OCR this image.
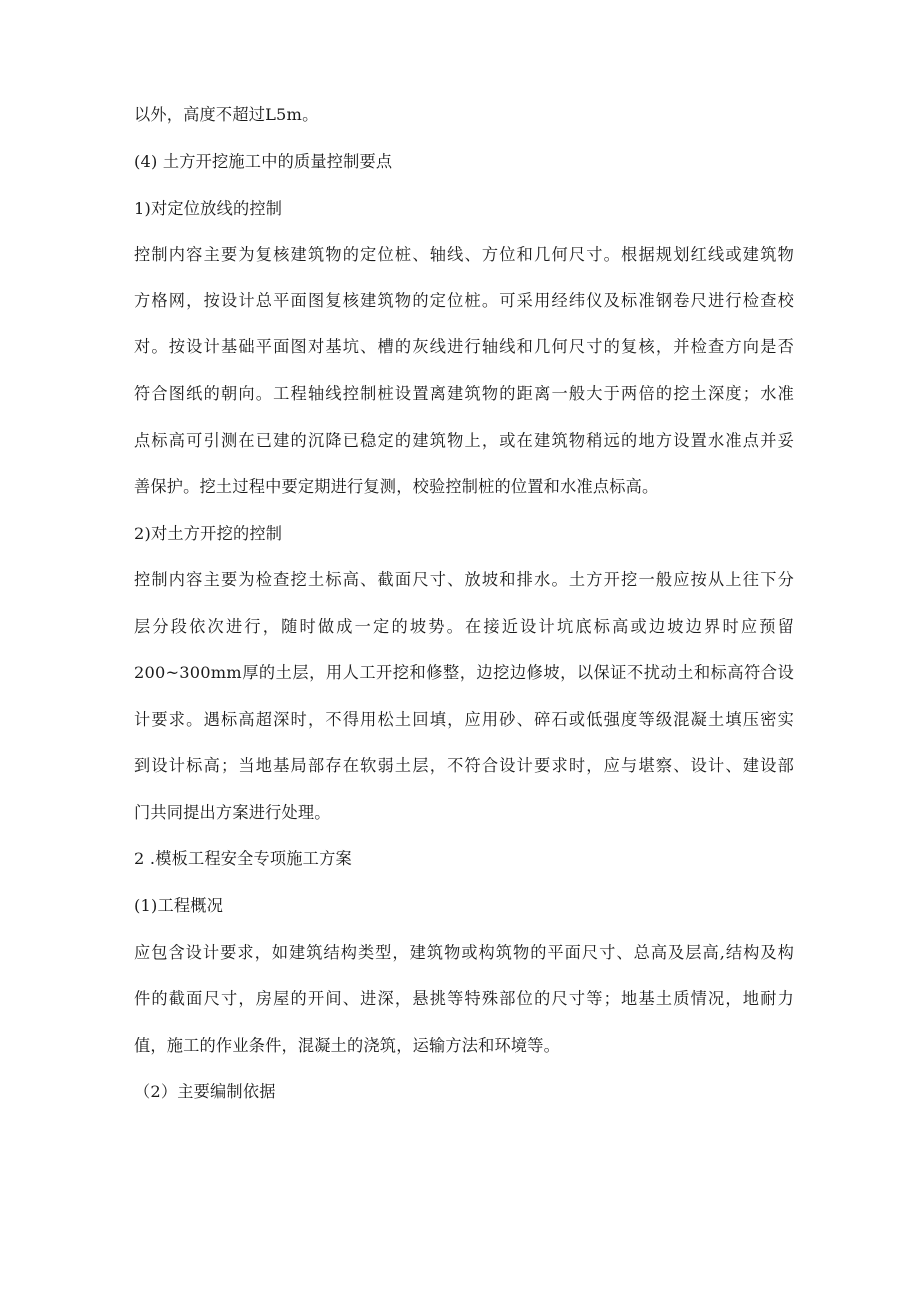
以外，高度不超过L5m。
(4) 土方开挖施工中的质量控制要点
1)对定位放线的控制
控制内容主要为复核建筑物的定位桩、轴线、方位和几何尺寸。根据规划红线或建筑物
方格网，按设计总平面图复核建筑物的定位桩。可采用经纬仪及标准钢卷尺进行检查校
对。按设计基础平面图对基坑、槽的灰线进行轴线和几何尺寸的复核，并检查方向是否
符合图纸的朝向。工程轴线控制桩设置离建筑物的距离一般大于两倍的挖土深度；水准
点标高可引测在已建的沉降已稳定的建筑物上，或在建筑物稍远的地方设置水准点并妥
善保护。挖土过程中要定期进行复测，校验控制桩的位置和水准点标高。
2)对土方开挖的控制
控制内容主要为检查挖土标高、截面尺寸、放坡和排水。土方开挖一般应按从上往下分
层分段依次进行，随时做成一定的坡势。在接近设计坑底标高或边坡边界时应预留
200~300mm厚的土层，用人工开挖和修整，边挖边修坡，以保证不扰动土和标高符合设
计要求。遇标高超深时，不得用松土回填，应用砂、碎石或低强度等级混凝土填压密实
到设计标高；当地基局部存在软弱土层，不符合设计要求时，应与堪察、设计、建设部
门共同提出方案进行处理。
2 .模板工程安全专项施工方案
(1)工程概况
应包含设计要求，如建筑结构类型，建筑物或构筑物的平面尺寸、总高及层高,结构及构
件的截面尺寸，房屋的开间、进深，悬挑等特殊部位的尺寸等；地基土质情况，地耐力
值，施工的作业条件，混凝土的浇筑，运输方法和环境等。
（2）主要编制依据
